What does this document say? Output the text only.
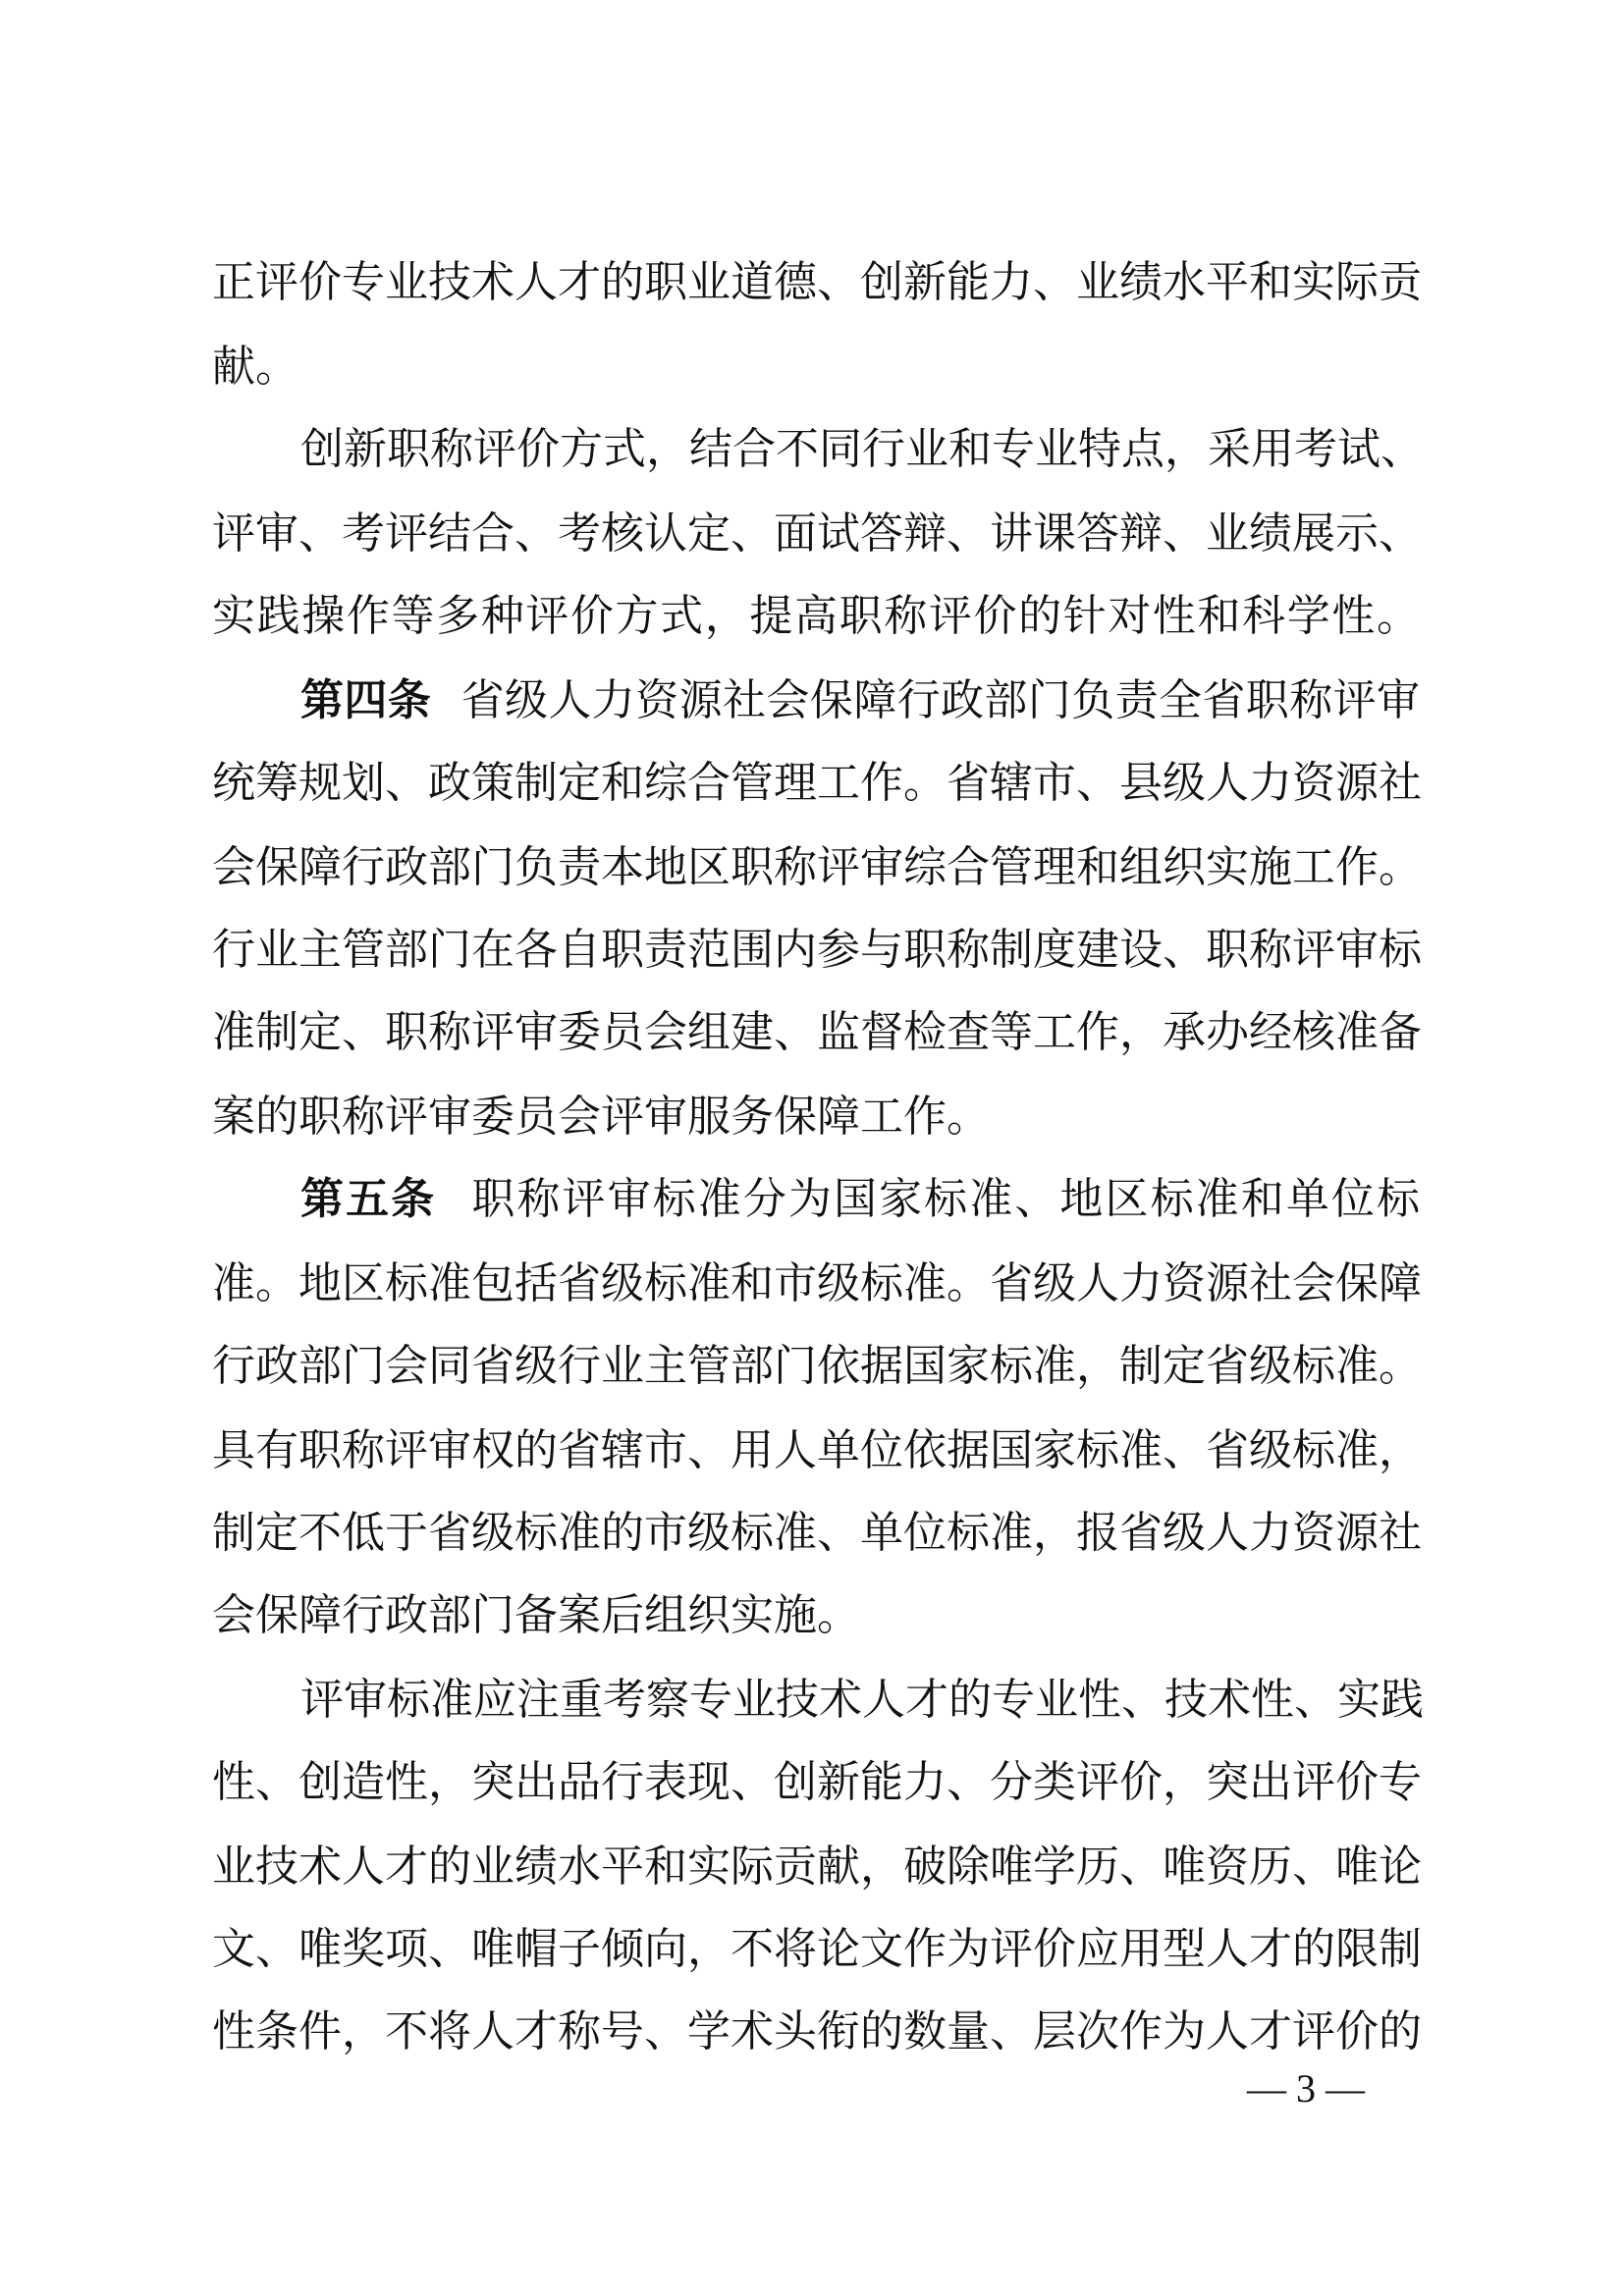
正评价专业技术人才的职业道德、创新能力、业绩水平和实际贡
献。
创新职称评价方式，结合不同行业和专业特点，采用考试、
评审、考评结合、考核认定、面试答辩、讲课答辩、业绩展示、
实践操作等多种评价方式，提高职称评价的针对性和科学性。
第四条 省级人力资源社会保障行政部门负责全省职称评审
统筹规划、政策制定和综合管理工作。省辖市、县级人力资源社
会保障行政部门负责本地区职称评审综合管理和组织实施工作。
行业主管部门在各自职责范围内参与职称制度建设、职称评审标
准制定、职称评审委员会组建、监督检查等工作，承办经核准备
案的职称评审委员会评审服务保障工作。
第五条 职称评审标准分为国家标准、地区标准和单位标
准。地区标准包括省级标准和市级标准。省级人力资源社会保障
行政部门会同省级行业主管部门依据国家标准，制定省级标准。
具有职称评审权的省辖市、用人单位依据国家标准、省级标准，
制定不低于省级标准的市级标准、单位标准，报省级人力资源社
会保障行政部门备案后组织实施。
评审标准应注重考察专业技术人才的专业性、技术性、实践
性、创造性，突出品行表现、创新能力、分类评价，突出评价专
业技术人才的业绩水平和实际贡献，破除唯学历、唯资历、唯论
文、唯奖项、唯帽子倾向，不将论文作为评价应用型人才的限制
性条件，不将人才称号、学术头衔的数量、层次作为人才评价的
— 3 —
